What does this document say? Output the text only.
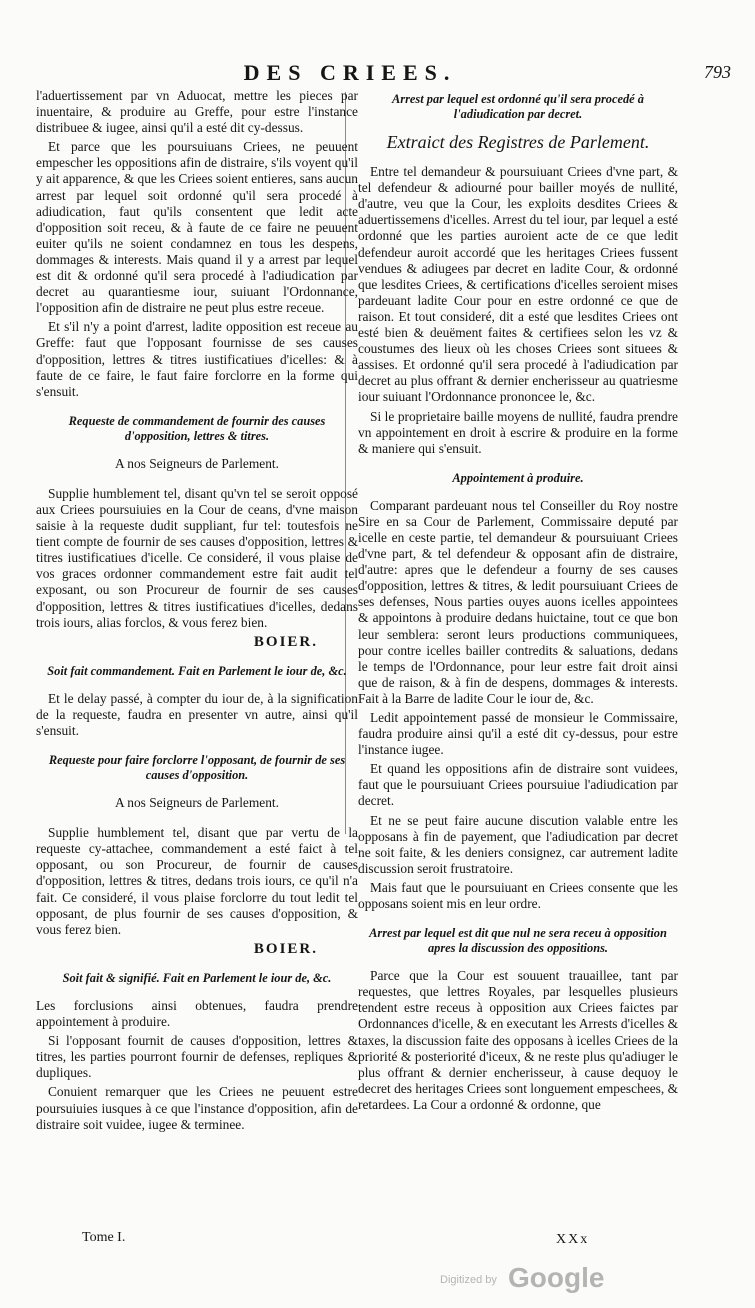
DES CRIEES.	793

l'aduertissement par vn Aduocat, mettre les pieces par inuentaire, & produire au Greffe, pour estre l'instance distribuee & iugee, ainsi qu'il a esté dit cy-dessus.

Et parce que les poursuiuans Criees, ne peuuent empescher les oppositions afin de distraire, s'ils voyent qu'il y ait apparence, & que les Criees soient entieres, sans aucun arrest par lequel soit ordonné qu'il sera procedé à adiudication, faut qu'ils consentent que ledit acte d'opposition soit receu, & à faute de ce faire ne peuuent euiter qu'ils ne soient condamnez en tous les despens, dommages & interests. Mais quand il y a arrest par lequel est dit & ordonné qu'il sera procedé à l'adiudication par decret au quarantiesme iour, suiuant l'Ordonnance, l'opposition afin de distraire ne peut plus estre receue.

Et s'il n'y a point d'arrest, ladite opposition est receue au Greffe: faut que l'opposant fournisse de ses causes d'opposition, lettres & titres iustificatiues d'icelles: & à faute de ce faire, le faut faire forclorre en la forme qui s'ensuit.

Requeste de commandement de fournir des causes d'opposition, lettres & titres.
A nos Seigneurs de Parlement.

Supplie humblement tel, disant qu'vn tel se seroit opposé aux Criees poursuiuies en la Cour de ceans, d'vne maison saisie à la requeste dudit suppliant, fur tel: toutesfois ne tient compte de fournir de ses causes d'opposition, lettres & titres iustificatiues d'icelle. Ce consideré, il vous plaise de vos graces ordonner commandement estre fait audit tel exposant, ou son Procureur de fournir de ses causes d'opposition, lettres & titres iustificatiues d'icelles, dedans trois iours, alias forclos, & vous ferez bien.

BOIER.
Soit fait commandement. Fait en Parlement le iour de, &c.

Et le delay passé, à compter du iour de, à la signification de la requeste, faudra en presenter vn autre, ainsi qu'il s'ensuit.

Requeste pour faire forclorre l'opposant, de fournir de ses causes d'opposition.
A nos Seigneurs de Parlement.

Supplie humblement tel, disant que par vertu de la requeste cy-attachee, commandement a esté faict à tel opposant, ou son Procureur, de fournir de causes d'opposition, lettres & titres, dedans trois iours, ce qu'il n'a fait. Ce consideré, il vous plaise forclorre du tout ledit tel opposant, de plus fournir de ses causes d'opposition, & vous ferez bien.

BOIER.
Soit fait & signifié. Fait en Parlement le iour de, &c.

Les forclusions ainsi obtenues, faudra prendre appointement à produire.

Si l'opposant fournit de causes d'opposition, lettres & titres, les parties pourront fournir de defenses, repliques & dupliques.

Conuient remarquer que les Criees ne peuuent estre poursuiuies iusques à ce que l'instance d'opposition, afin de distraire soit vuidee, iugee & terminee.

Arrest par lequel est ordonné qu'il sera procedé à l'adiudication par decret.
Extraict des Registres de Parlement.

Entre tel demandeur & poursuiuant Criees d'vne part, & tel defendeur & adiourné pour bailler moyés de nullité, d'autre, veu que la Cour, les exploits desdites Criees & aduertissemens d'icelles. Arrest du tel iour, par lequel a esté ordonné que les parties auroient acte de ce que ledit defendeur auroit accordé que les heritages Criees fussent vendues & adiugees par decret en ladite Cour, & ordonné que lesdites Criees, & certifications d'icelles seroient mises pardeuant ladite Cour pour en estre ordonné ce que de raison. Et tout consideré, dit a esté que lesdites Criees ont esté bien & deuëment faites & certifiees selon les vz & coustumes des lieux où les choses Criees sont situees & assises. Et ordonné qu'il sera procedé à l'adiudication par decret au plus offrant & dernier encherisseur au quatriesme iour suiuant l'Ordonnance prononcee le, &c.

Si le proprietaire baille moyens de nullité, faudra prendre vn appointement en droit à escrire & produire en la forme & maniere qui s'ensuit.

Appointement à produire.

Comparant pardeuant nous tel Conseiller du Roy nostre Sire en sa Cour de Parlement, Commissaire deputé par icelle en ceste partie, tel demandeur & poursuiuant Criees d'vne part, & tel defendeur & opposant afin de distraire, d'autre: apres que le defendeur a fourny de ses causes d'opposition, lettres & titres, & ledit poursuiuant Criees de ses defenses, Nous parties ouyes auons icelles appointees & appointons à produire dedans huictaine, tout ce que bon leur semblera: seront leurs productions communiquees, pour contre icelles bailler contredits & saluations, dedans le temps de l'Ordonnance, pour leur estre fait droit ainsi que de raison, & à fin de despens, dommages & interests. Fait à la Barre de ladite Cour le iour de, &c.

Ledit appointement passé de monsieur le Commissaire, faudra produire ainsi qu'il a esté dit cy-dessus, pour estre l'instance iugee.

Et quand les oppositions afin de distraire sont vuidees, faut que le poursuiuant Criees poursuiue l'adiudication par decret.

Et ne se peut faire aucune discution valable entre les opposans à fin de payement, que l'adiudication par decret ne soit faite, & les deniers consignez, car autrement ladite discussion seroit frustratoire.

Mais faut que le poursuiuant en Criees consente que les opposans soient mis en leur ordre.

Arrest par lequel est dit que nul ne sera receu à opposition apres la discussion des oppositions.

Parce que la Cour est souuent trauaillee, tant par requestes, que lettres Royales, par lesquelles plusieurs tendent estre receus à opposition aux Criees faictes par Ordonnances d'icelle, & en executant les Arrests d'icelles & taxes, la discussion faite des opposans à icelles Criees de la priorité & posteriorité d'iceux, & ne reste plus qu'adiuger le plus offrant & dernier encherisseur, à cause dequoy le decret des heritages Criees sont longuement empeschees, & retardees. La Cour a ordonné & ordonne, que

Tome I.	XXx
Digitized by Google
